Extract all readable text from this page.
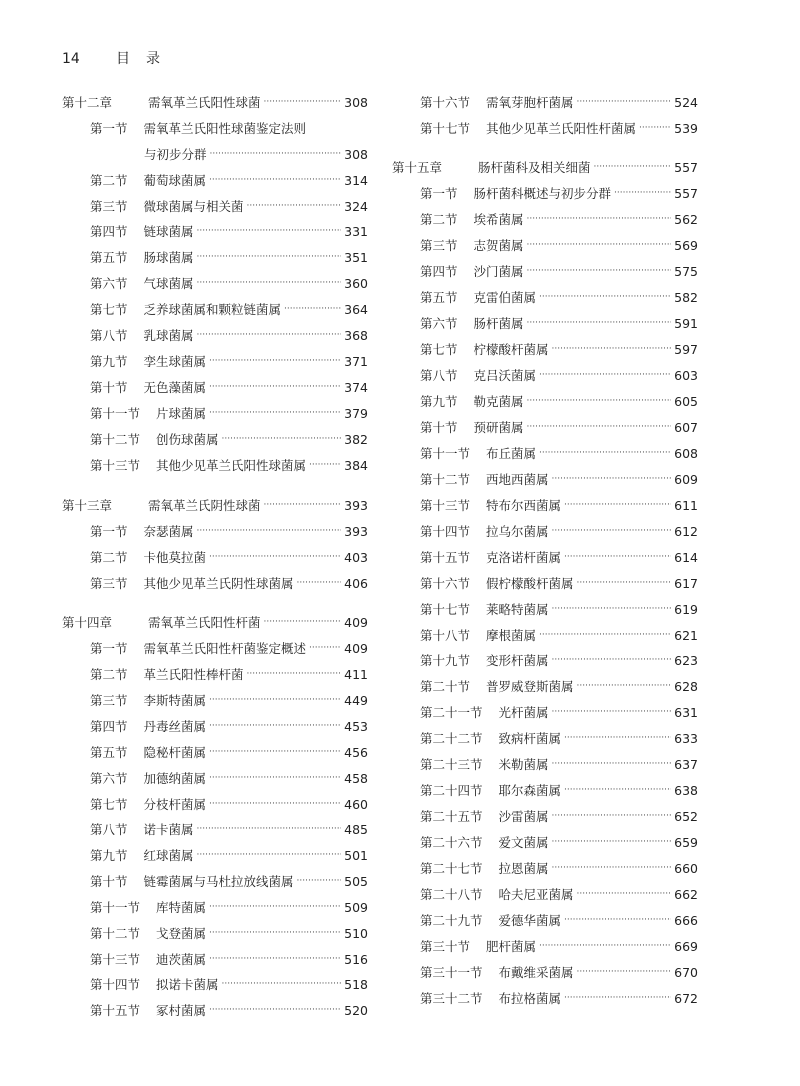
14	目录
第十二章	需氧革兰氏阳性球菌 ·····	308
第一节 需氧革兰氏阳性球菌鉴定法则
与初步分群 ·····	308
第二节 葡萄球菌属 ·····	314
第三节 微球菌属与相关菌 ·····	324
第四节 链球菌属 ·····	331
第五节 肠球菌属 ·····	351
第六节 气球菌属 ·····	360
第七节 乏养球菌属和颗粒链菌属 ·····	364
第八节 乳球菌属 ·····	368
第九节 孪生球菌属 ·····	371
第十节 无色藻菌属 ·····	374
第十一节 片球菌属 ·····	379
第十二节 创伤球菌属 ·····	382
第十三节 其他少见革兰氏阳性球菌属 ·····	384
第十三章	需氧革兰氏阴性球菌 ·····	393
第一节 奈瑟菌属 ·····	393
第二节 卡他莫拉菌 ·····	403
第三节 其他少见革兰氏阴性球菌属 ·····	406
第十四章	需氧革兰氏阳性杆菌 ·····	409
第一节 需氧革兰氏阳性杆菌鉴定概述 ·····	409
第二节 革兰氏阳性棒杆菌 ·····	411
第三节 李斯特菌属 ·····	449
第四节 丹毒丝菌属 ·····	453
第五节 隐秘杆菌属 ·····	456
第六节 加德纳菌属 ·····	458
第七节 分枝杆菌属 ·····	460
第八节 诺卡菌属 ·····	485
第九节 红球菌属 ·····	501
第十节 链霉菌属与马杜拉放线菌属 ·····	505
第十一节 库特菌属 ·····	509
第十二节 戈登菌属 ·····	510
第十三节 迪茨菌属 ·····	516
第十四节 拟诺卡菌属 ·····	518
第十五节 冢村菌属 ·····	520
第十六节 需氧芽胞杆菌属 ·····	524
第十七节 其他少见革兰氏阳性杆菌属 ·····	539
第十五章	肠杆菌科及相关细菌 ·····	557
第一节 肠杆菌科概述与初步分群 ·····	557
第二节 埃希菌属 ·····	562
第三节 志贺菌属 ·····	569
第四节 沙门菌属 ·····	575
第五节 克雷伯菌属 ·····	582
第六节 肠杆菌属 ·····	591
第七节 柠檬酸杆菌属 ·····	597
第八节 克吕沃菌属 ·····	603
第九节 勒克菌属 ·····	605
第十节 预研菌属 ·····	607
第十一节 布丘菌属 ·····	608
第十二节 西地西菌属 ·····	609
第十三节 特布尔西菌属 ·····	611
第十四节 拉乌尔菌属 ·····	612
第十五节 克洛诺杆菌属 ·····	614
第十六节 假柠檬酸杆菌属 ·····	617
第十七节 莱略特菌属 ·····	619
第十八节 摩根菌属 ·····	621
第十九节 变形杆菌属 ·····	623
第二十节 普罗威登斯菌属 ·····	628
第二十一节 光杆菌属 ·····	631
第二十二节 致病杆菌属 ·····	633
第二十三节 米勒菌属 ·····	637
第二十四节 耶尔森菌属 ·····	638
第二十五节 沙雷菌属 ·····	652
第二十六节 爱文菌属 ·····	659
第二十七节 拉恩菌属 ·····	660
第二十八节 哈夫尼亚菌属 ·····	662
第二十九节 爱德华菌属 ·····	666
第三十节 肥杆菌属 ·····	669
第三十一节 布戴维采菌属 ·····	670
第三十二节 布拉格菌属 ·····	672
